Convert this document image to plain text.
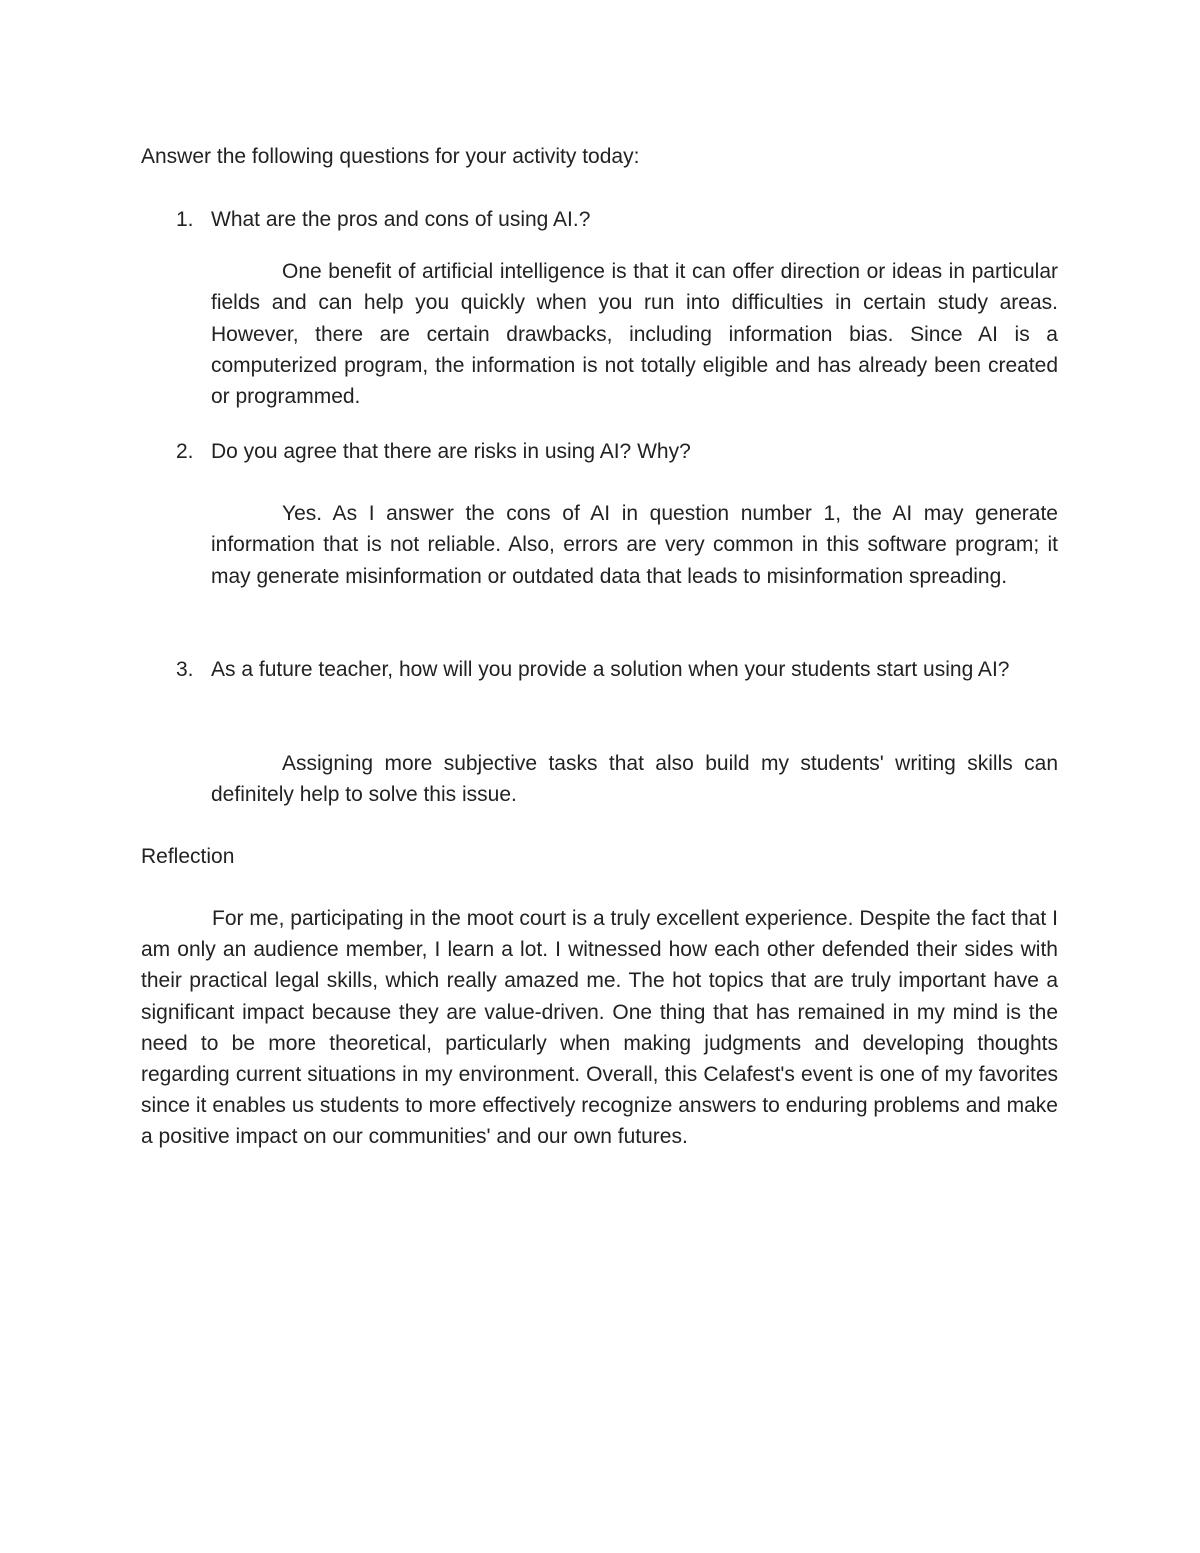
Answer the following questions for your activity today:

1. What are the pros and cons of using AI.?

One benefit of artificial intelligence is that it can offer direction or ideas in particular fields and can help you quickly when you run into difficulties in certain study areas. However, there are certain drawbacks, including information bias. Since AI is a computerized program, the information is not totally eligible and has already been created or programmed.

2. Do you agree that there are risks in using AI? Why?

Yes. As I answer the cons of AI in question number 1, the AI may generate information that is not reliable. Also, errors are very common in this software program; it may generate misinformation or outdated data that leads to misinformation spreading.

3. As a future teacher, how will you provide a solution when your students start using AI?

Assigning more subjective tasks that also build my students' writing skills can definitely help to solve this issue.

Reflection

For me, participating in the moot court is a truly excellent experience. Despite the fact that I am only an audience member, I learn a lot. I witnessed how each other defended their sides with their practical legal skills, which really amazed me. The hot topics that are truly important have a significant impact because they are value-driven. One thing that has remained in my mind is the need to be more theoretical, particularly when making judgments and developing thoughts regarding current situations in my environment. Overall, this Celafest's event is one of my favorites since it enables us students to more effectively recognize answers to enduring problems and make a positive impact on our communities' and our own futures.
